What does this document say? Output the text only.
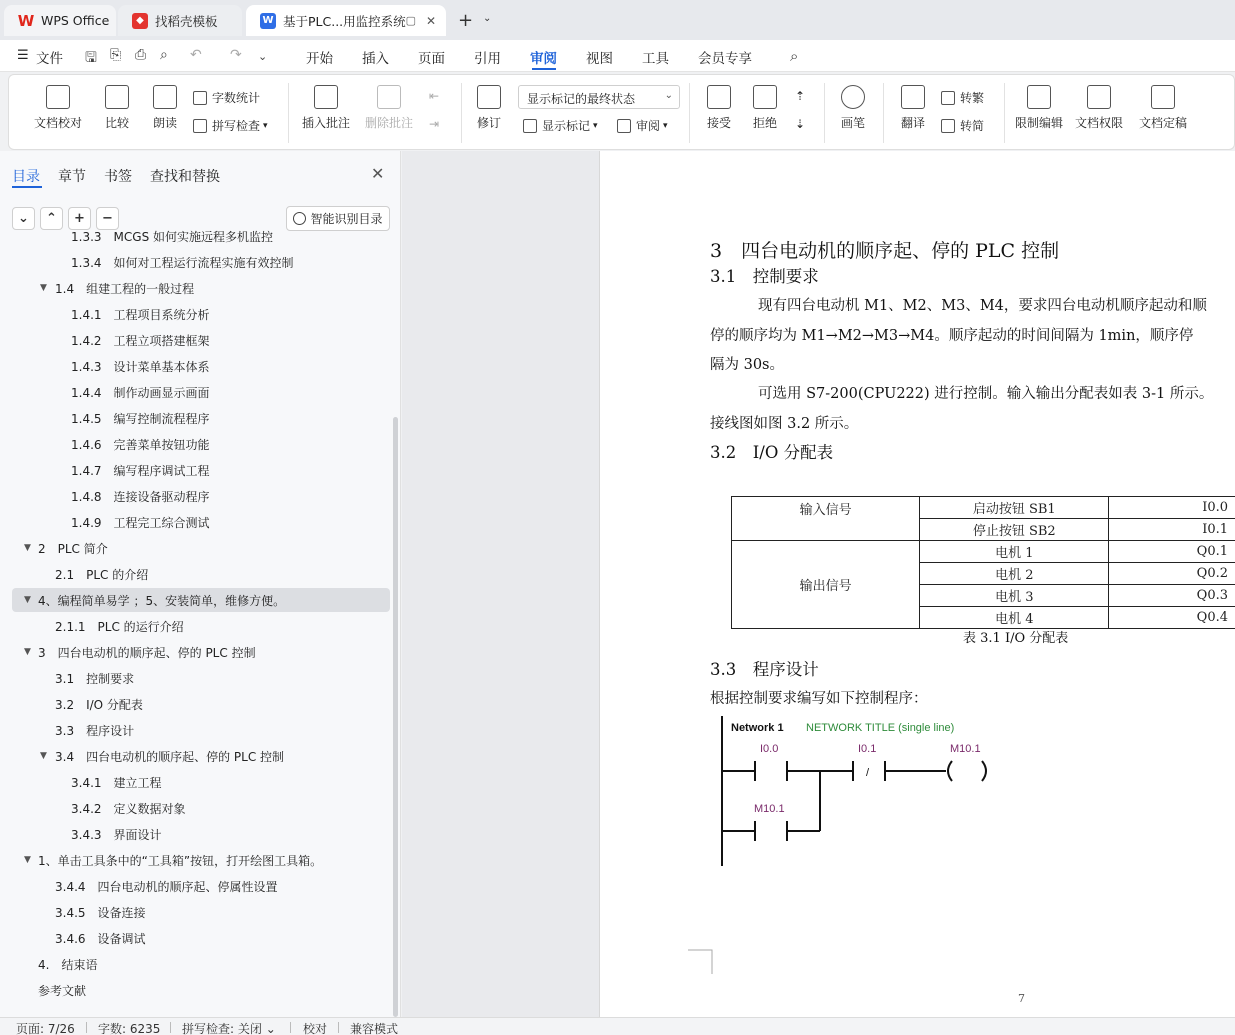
W WPS Office	◆ 找稻壳模板	W 基于PLC...用监控系统 ▢ ✕ + ⌄
☰ 文件 🖫 ⎘ ⎙ ⌕ ↶ ↷ ⌄	开始 插入 页面 引用 审阅 视图 工具 会员专享	⌕
文档校对 比较 朗读
字数统计
拼写检查 ▾	插入批注 删除批注
⇤
⇥	修订
显示标记的最终状态	⌄
显示标记 ▾	审阅 ▾	接受 拒绝
⇡
⇣	画笔	翻译
转繁
转简	限制编辑 文档权限 文档定稿
目录 章节 书签 查找和替换	✕
⌄	⌃	+	−	智能识别目录
1.3.3　MCGS 如何实施远程多机监控
1.3.4　如何对工程运行流程实施有效控制
▼ 1.4　组建工程的一般过程
1.4.1　工程项目系统分析
1.4.2　工程立项搭建框架
1.4.3　设计菜单基本体系
1.4.4　制作动画显示画面
1.4.5　编写控制流程程序
1.4.6　完善菜单按钮功能
1.4.7　编写程序调试工程
1.4.8　连接设备驱动程序
1.4.9　工程完工综合测试
▼ 2　PLC 简介
2.1　PLC 的介绍
▼ 4、编程简单易学 ；5、安装简单，维修方便。
2.1.1　PLC 的运行介绍
▼ 3　四台电动机的顺序起、停的 PLC 控制
3.1　控制要求
3.2　I/O 分配表
3.3　程序设计
▼ 3.4　四台电动机的顺序起、停的 PLC 控制
3.4.1　建立工程
3.4.2　定义数据对象
3.4.3　界面设计
▼ 1、单击工具条中的“工具箱”按钮，打开绘图工具箱。
3.4.4　四台电动机的顺序起、停属性设置
3.4.5　设备连接
3.4.6　设备调试
4.　结束语
参考文献
3　四台电动机的顺序起、停的 PLC 控制
3.1　控制要求
现有四台电动机 M1、M2、M3、M4，要求四台电动机顺序起动和顺
停的顺序均为 M1→M2→M3→M4。顺序起动的时间间隔为 1min，顺序停
隔为 30s。
可选用 S7-200(CPU222) 进行控制。输入输出分配表如表 3-1 所示。
接线图如图 3.2 所示。
3.2　I/O 分配表
输入信号	启动按钮 SB1	I0.0
	停止按钮 SB2	I0.1
输出信号	电机 1	Q0.1
	电机 2	Q0.2
	电机 3	Q0.3
	电机 4	Q0.4
表 3.1 I/O 分配表
3.3　程序设计
根据控制要求编写如下控制程序：
Network 1 NETWORK TITLE (single line)
I0.0	I0.1	M10.1
/
M10.1
7
页面: 7/26 字数: 6235 拼写检查: 关闭 ⌄ 校对 兼容模式
